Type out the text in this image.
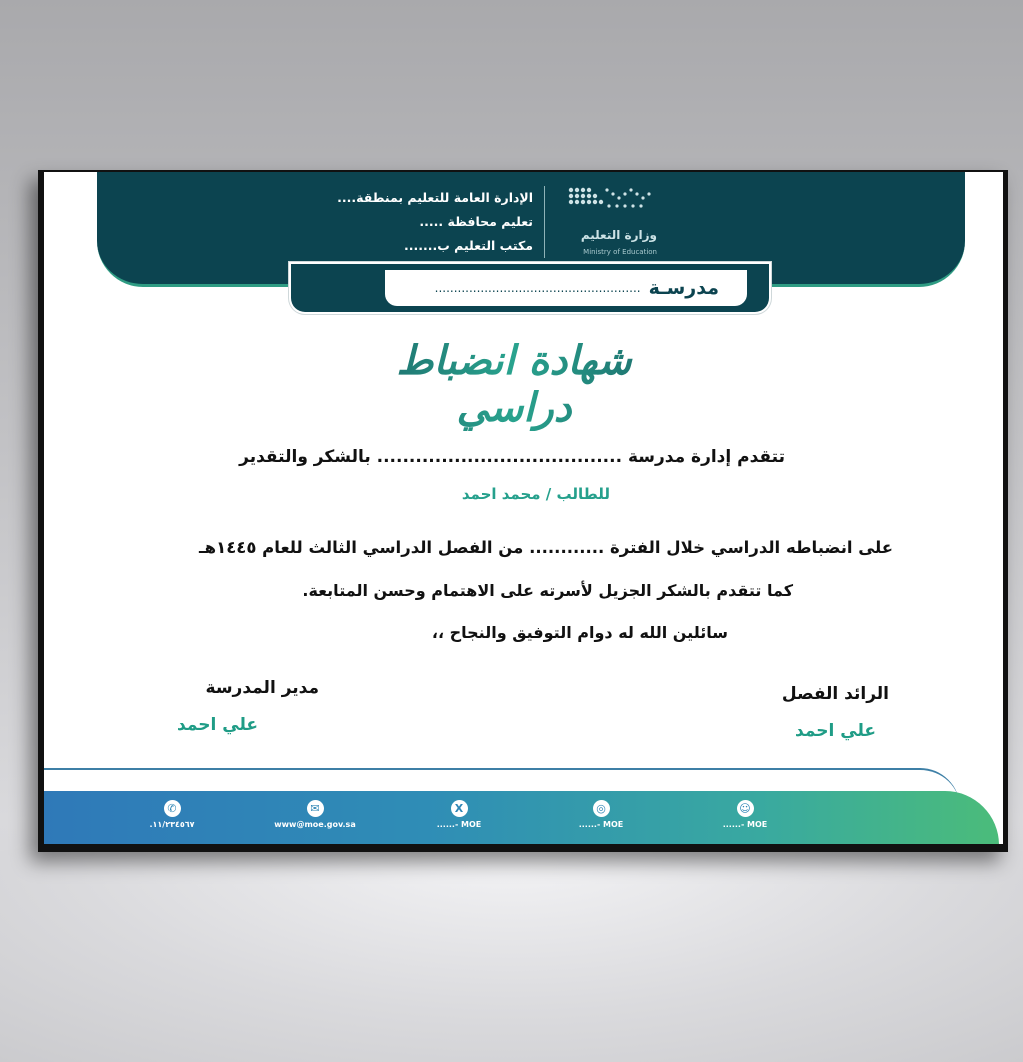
الإدارة العامة للتعليم بمنطقة....
تعليم محافظة .....
مكتب التعليم ب.......
وزارة التعليم
Ministry of Education
مدرسـة
......................................................
شهادة انضباط دراسي
تتقدم إدارة مدرسة ...................................... بالشكر والتقدير
للطالب / محمد احمد
على انضباطه الدراسي خلال الفترة ............ من الفصل الدراسي الثالث للعام ١٤٤٥هـ
كما تتقدم بالشكر الجزيل لأسرته على الاهتمام وحسن المتابعة.
سائلين الله له دوام التوفيق والنجاح ،،
الرائد الفصل
علي احمد
مدير المدرسة
علي احمد
✆
.١١/٢٣٤٥٦٧
✉
www@moe.gov.sa
X
......- MOE
◎
......- MOE
☺
......- MOE
